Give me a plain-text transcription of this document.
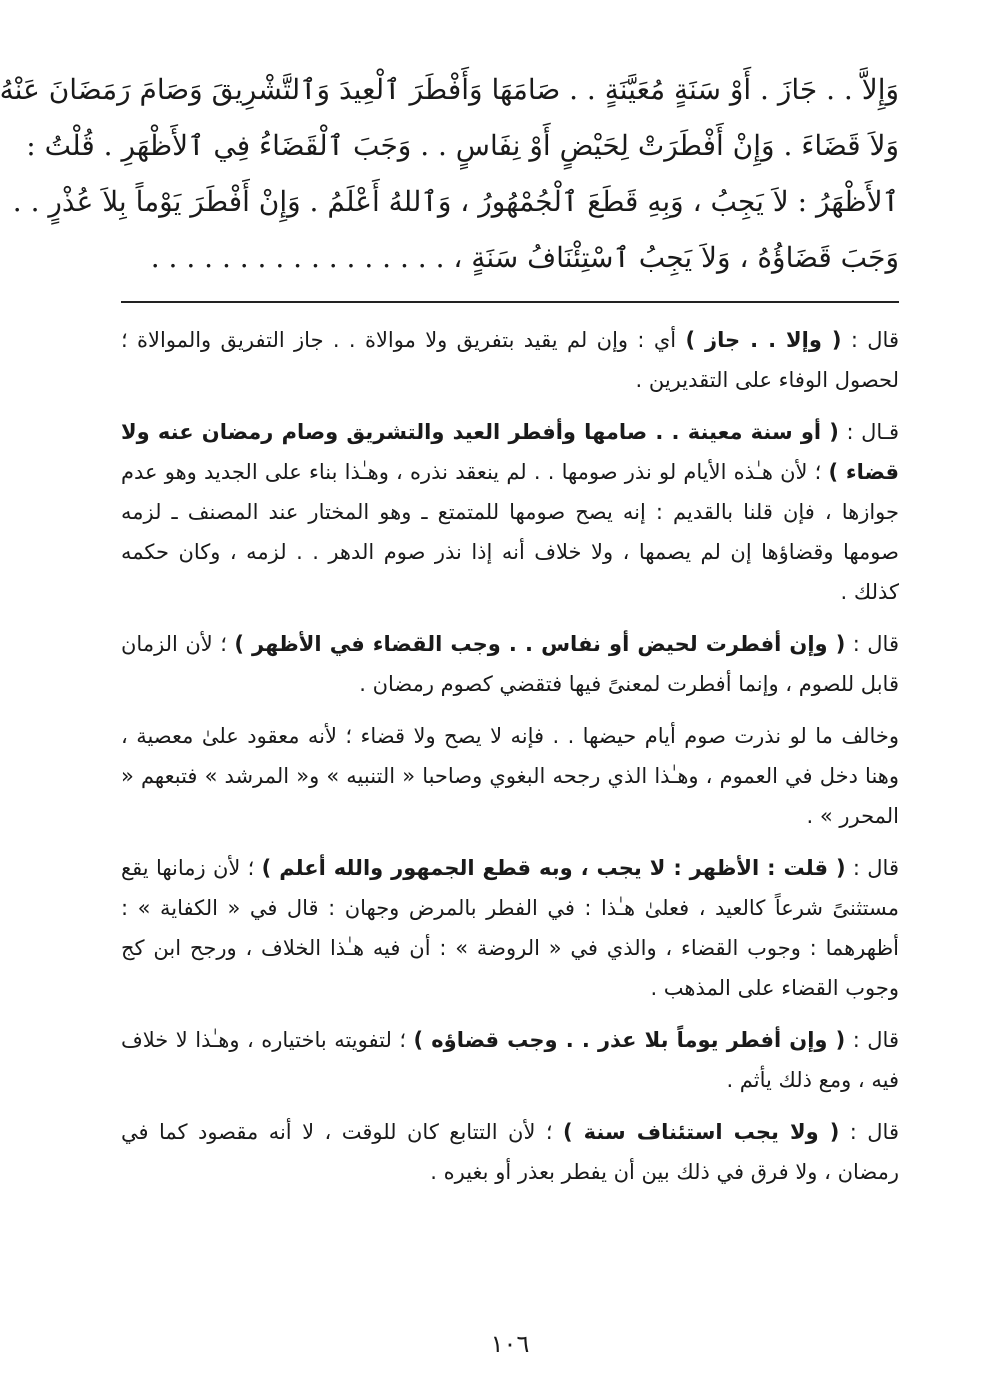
وَإِلاَّ . . جَازَ . أَوْ سَنَةٍ مُعَيَّنَةٍ . . صَامَهَا وَأَفْطَرَ ٱلْعِيدَ وَٱلتَّشْرِيقَ وَصَامَ رَمَضَانَ عَنْهُ
وَلاَ قَضَاءَ . وَإِنْ أَفْطَرَتْ لِحَيْضٍ أَوْ نِفَاسٍ . . وَجَبَ ٱلْقَضَاءُ فِي ٱلأَظْهَرِ . قُلْتُ :
ٱلأَظْهَرُ : لاَ يَجِبُ ، وَبِهِ قَطَعَ ٱلْجُمْهُورُ ، وَٱللهُ أَعْلَمُ . وَإِنْ أَفْطَرَ يَوْماً بِلاَ عُذْرٍ . .
وَجَبَ قَضَاؤُهُ ، وَلاَ يَجِبُ ٱسْتِئْنَافُ سَنَةٍ ، . . . . . . . . . . . . . . . . .

قال : ( وإلا . . جاز ) أي : وإن لم يقيد بتفريق ولا موالاة . . جاز التفريق والموالاة ؛ لحصول الوفاء على التقديرين .

قـال : ( أو سنة معينة . . صامها وأفطر العيد والتشريق وصام رمضان عنه ولا قضاء ) ؛ لأن هـٰذه الأيام لو نذر صومها . . لم ينعقد نذره ، وهـٰذا بناء على الجديد وهو عدم جوازها ، فإن قلنا بالقديم : إنه يصح صومها للمتمتع ـ وهو المختار عند المصنف ـ لزمه صومها وقضاؤها إن لم يصمها ، ولا خلاف أنه إذا نذر صوم الدهر . . لزمه ، وكان حكمه كذلك .

قال : ( وإن أفطرت لحيض أو نفاس . . وجب القضاء في الأظهر ) ؛ لأن الزمان قابل للصوم ، وإنما أفطرت لمعنىً فيها فتقضي كصوم رمضان .

وخالف ما لو نذرت صوم أيام حيضها . . فإنه لا يصح ولا قضاء ؛ لأنه معقود علىٰ معصية ، وهنا دخل في العموم ، وهـٰذا الذي رجحه البغوي وصاحبا « التنبيه » و« المرشد » فتبعهم « المحرر » .

قال : ( قلت : الأظهر : لا يجب ، وبه قطع الجمهور والله أعلم ) ؛ لأن زمانها يقع مستثنىً شرعاً كالعيد ، فعلىٰ هـٰذا : في الفطر بالمرض وجهان : قال في « الكفاية » : أظهرهما : وجوب القضاء ، والذي في « الروضة » : أن فيه هـٰذا الخلاف ، ورجح ابن كج وجوب القضاء على المذهب .

قال : ( وإن أفطر يوماً بلا عذر . . وجب قضاؤه ) ؛ لتفويته باختياره ، وهـٰذا لا خلاف فيه ، ومع ذلك يأثم .

قال : ( ولا يجب استئناف سنة ) ؛ لأن التتابع كان للوقت ، لا أنه مقصود كما في رمضان ، ولا فرق في ذلك بين أن يفطر بعذر أو بغيره .

١٠٦
